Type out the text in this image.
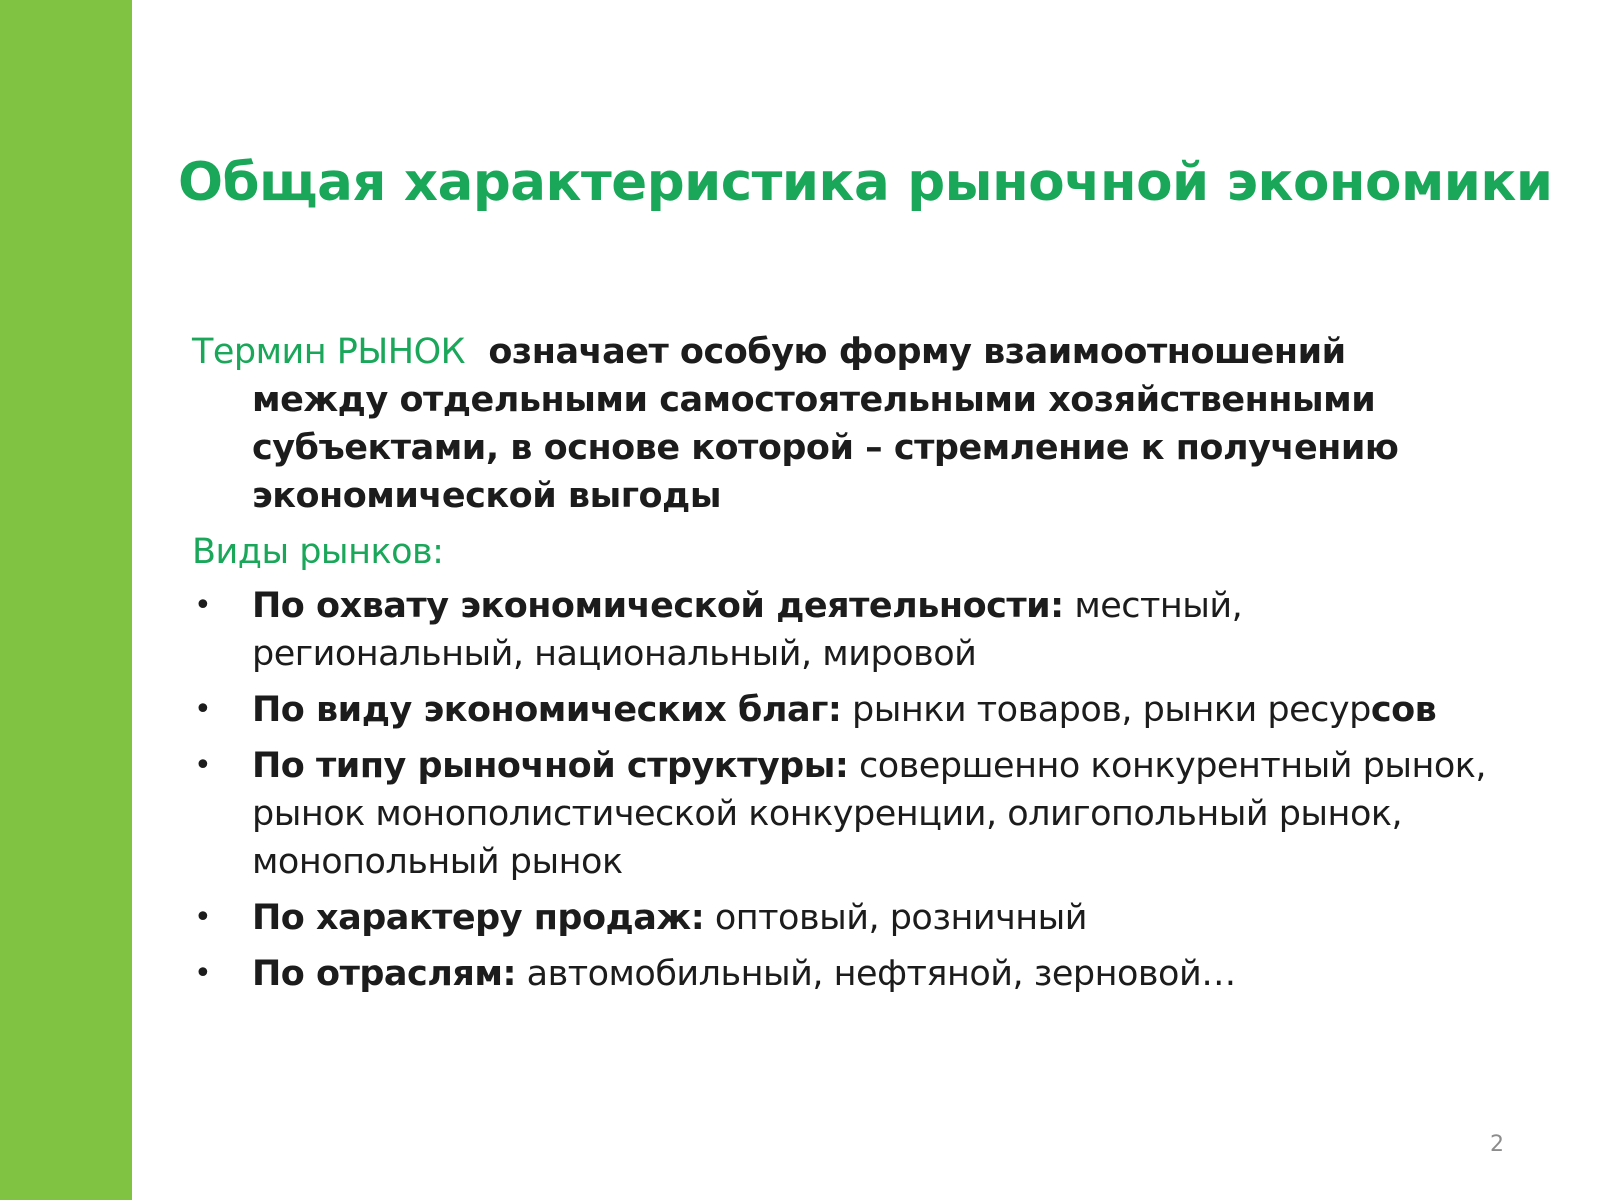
Общая характеристика рыночной экономики

Термин РЫНОК означает особую форму взаимоотношений между отдельными самостоятельными хозяйственными субъектами, в основе которой – стремление к получению экономической выгоды

Виды рынков:

• По охвату экономической деятельности: местный, региональный, национальный, мировой
• По виду экономических благ: рынки товаров, рынки ресурсов
• По типу рыночной структуры: совершенно конкурентный рынок, рынок монополистической конкуренции, олигопольный рынок, монопольный рынок
• По характеру продаж: оптовый, розничный
• По отраслям: автомобильный, нефтяной, зерновой…
2
